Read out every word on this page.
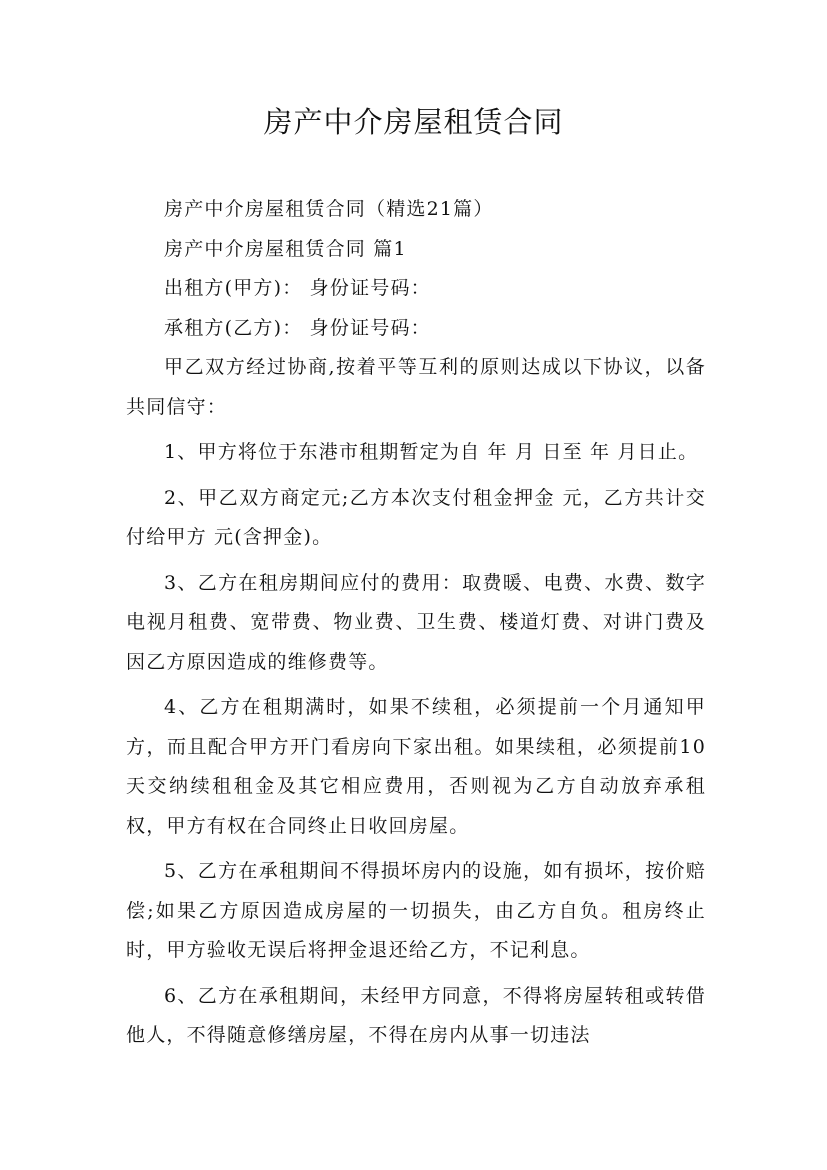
房产中介房屋租赁合同

房产中介房屋租赁合同（精选21篇）

房产中介房屋租赁合同 篇1

出租方(甲方)： 身份证号码：

承租方(乙方)： 身份证号码：

甲乙双方经过协商,按着平等互利的原则达成以下协议，以备共同信守：

1、甲方将位于东港市租期暂定为自 年 月 日至 年 月日止。

2、甲乙双方商定元;乙方本次支付租金押金 元，乙方共计交付给甲方 元(含押金)。

3、乙方在租房期间应付的费用：取费暖、电费、水费、数字电视月租费、宽带费、物业费、卫生费、楼道灯费、对讲门费及因乙方原因造成的维修费等。

4、乙方在租期满时，如果不续租，必须提前一个月通知甲方，而且配合甲方开门看房向下家出租。如果续租，必须提前10天交纳续租租金及其它相应费用，否则视为乙方自动放弃承租权，甲方有权在合同终止日收回房屋。

5、乙方在承租期间不得损坏房内的设施，如有损坏，按价赔偿;如果乙方原因造成房屋的一切损失，由乙方自负。租房终止时，甲方验收无误后将押金退还给乙方，不记利息。

6、乙方在承租期间，未经甲方同意，不得将房屋转租或转借他人，不得随意修缮房屋，不得在房内从事一切违法
